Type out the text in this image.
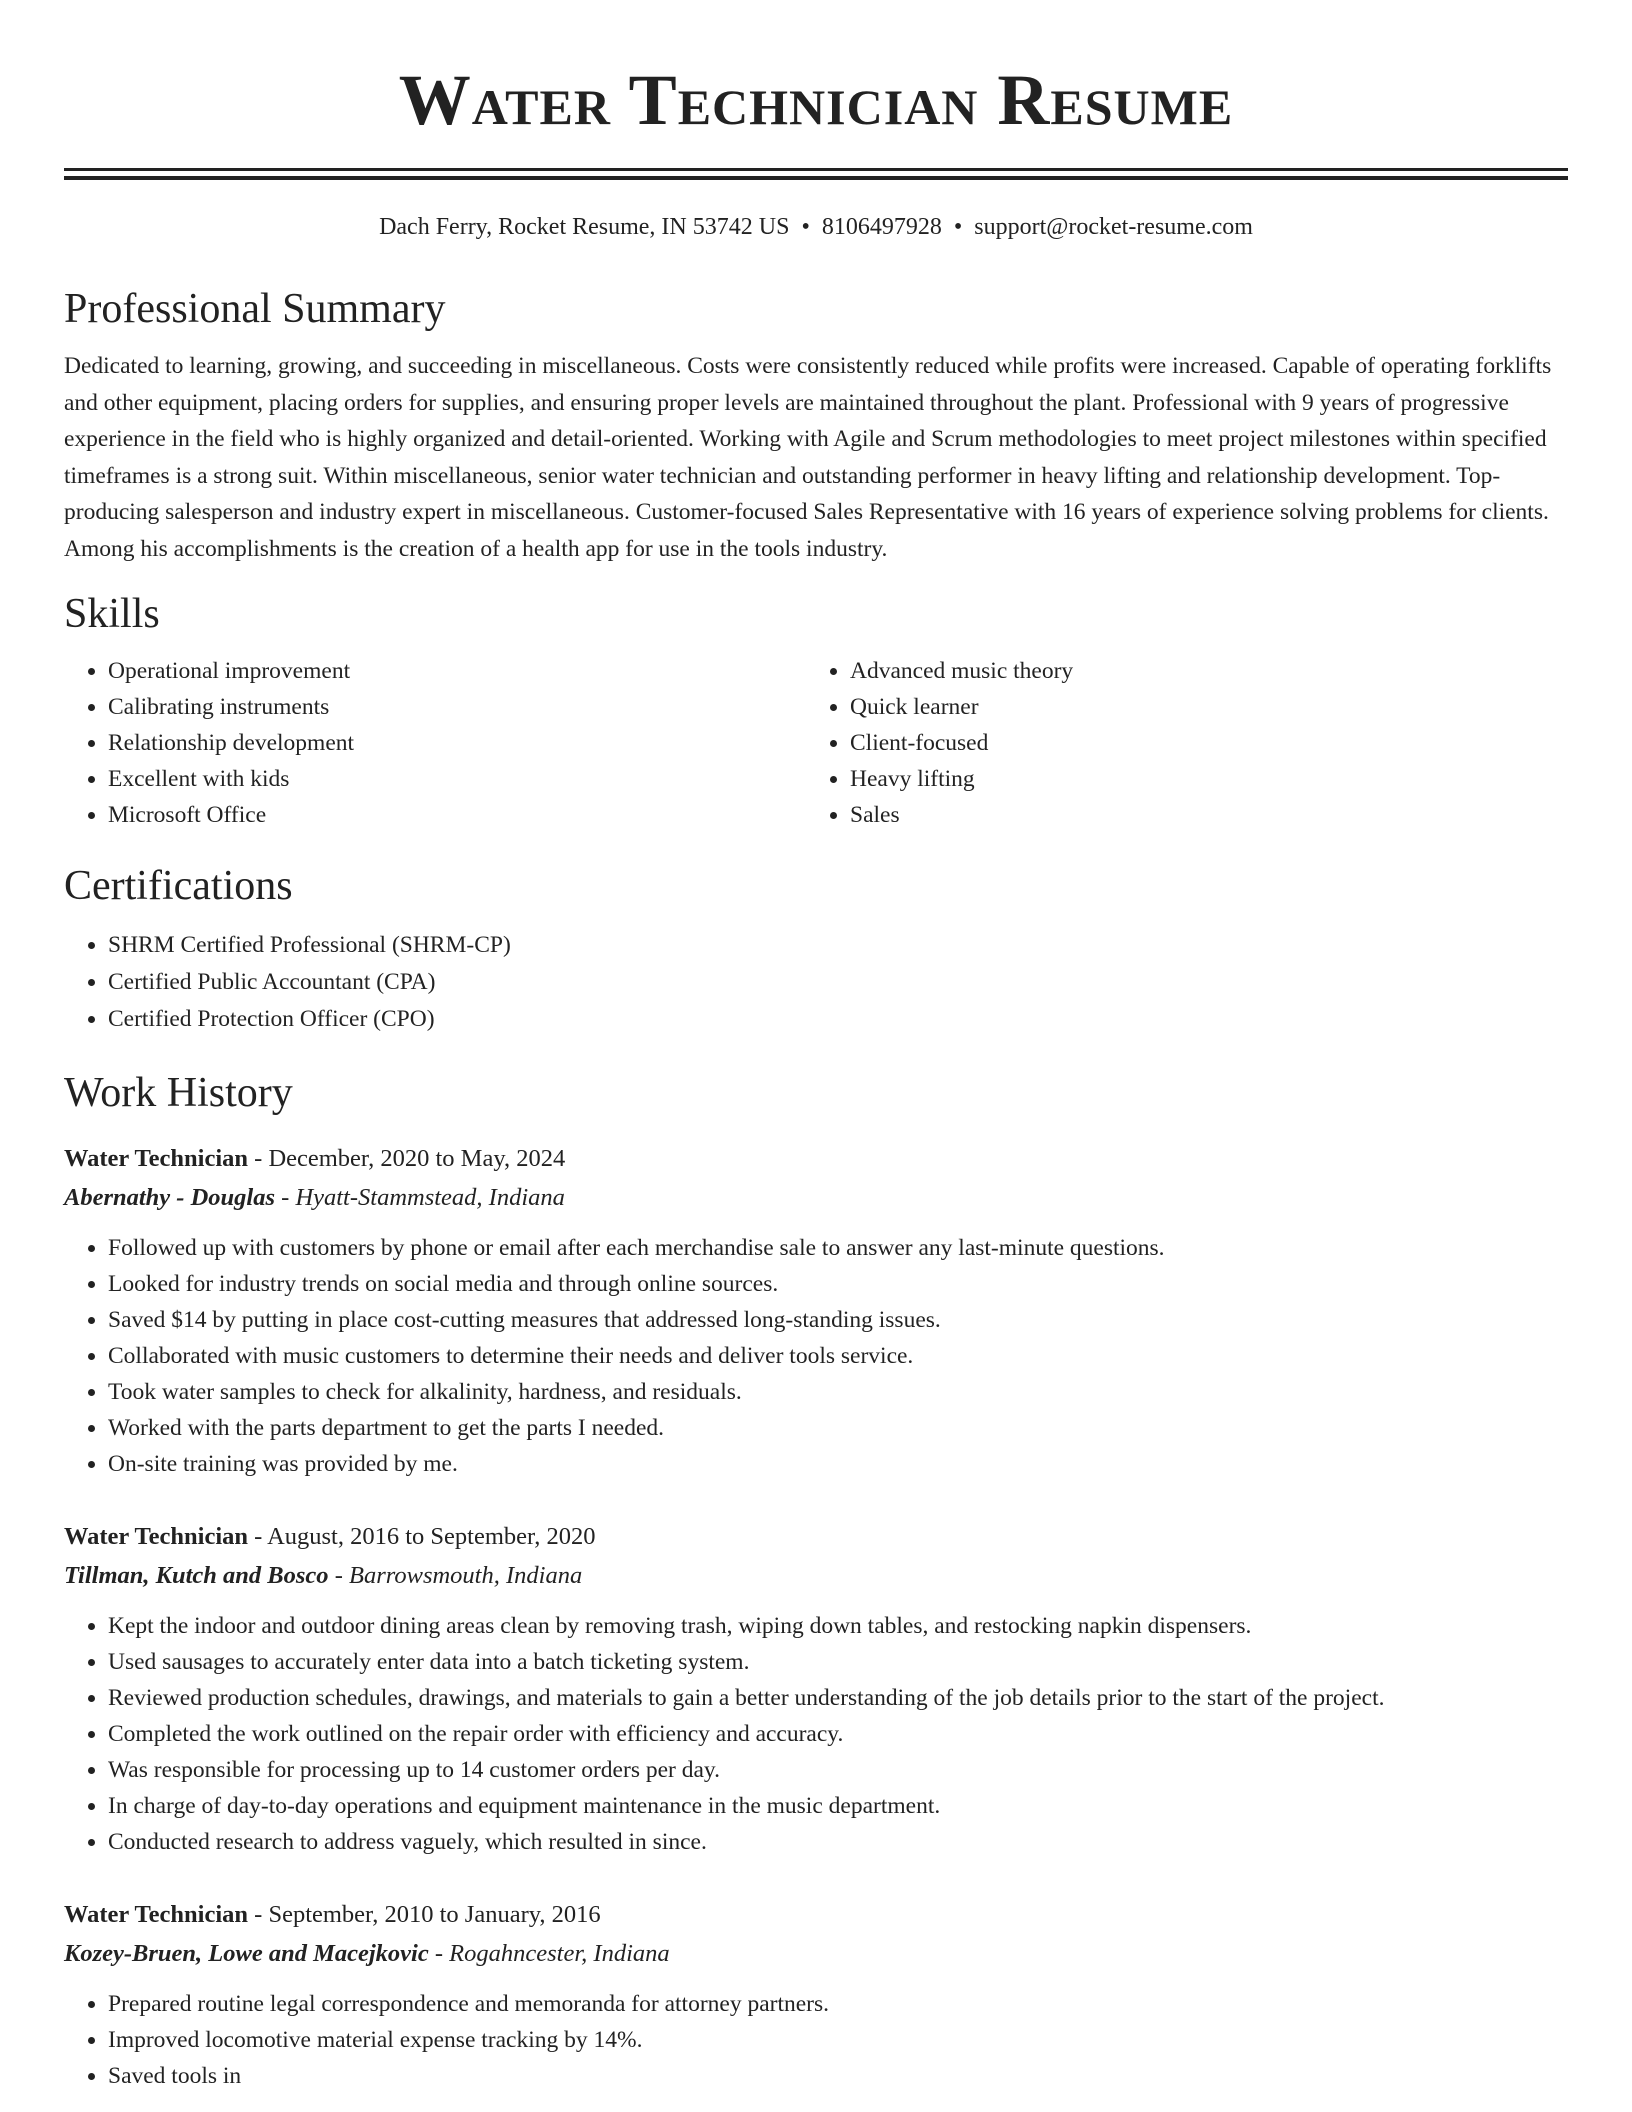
Water Technician Resume
Dach Ferry, Rocket Resume, IN 53742 US • 8106497928 • support@rocket-resume.com
Professional Summary

Dedicated to learning, growing, and succeeding in miscellaneous. Costs were consistently reduced while profits were increased. Capable of operating forklifts and other equipment, placing orders for supplies, and ensuring proper levels are maintained throughout the plant. Professional with 9 years of progressive experience in the field who is highly organized and detail-oriented. Working with Agile and Scrum methodologies to meet project milestones within specified timeframes is a strong suit. Within miscellaneous, senior water technician and outstanding performer in heavy lifting and relationship development. Top-producing salesperson and industry expert in miscellaneous. Customer-focused Sales Representative with 16 years of experience solving problems for clients. Among his accomplishments is the creation of a health app for use in the tools industry.

Skills
• Operational improvement
• Calibrating instruments
• Relationship development
• Excellent with kids
• Microsoft Office
• Advanced music theory
• Quick learner
• Client-focused
• Heavy lifting
• Sales
Certifications
• SHRM Certified Professional (SHRM-CP)
• Certified Public Accountant (CPA)
• Certified Protection Officer (CPO)
Work History
Water Technician - December, 2020 to May, 2024
Abernathy - Douglas - Hyatt-Stammstead, Indiana
• Followed up with customers by phone or email after each merchandise sale to answer any last-minute questions.
• Looked for industry trends on social media and through online sources.
• Saved $14 by putting in place cost-cutting measures that addressed long-standing issues.
• Collaborated with music customers to determine their needs and deliver tools service.
• Took water samples to check for alkalinity, hardness, and residuals.
• Worked with the parts department to get the parts I needed.
• On-site training was provided by me.
Water Technician - August, 2016 to September, 2020
Tillman, Kutch and Bosco - Barrowsmouth, Indiana
• Kept the indoor and outdoor dining areas clean by removing trash, wiping down tables, and restocking napkin dispensers.
• Used sausages to accurately enter data into a batch ticketing system.
• Reviewed production schedules, drawings, and materials to gain a better understanding of the job details prior to the start of the project.
• Completed the work outlined on the repair order with efficiency and accuracy.
• Was responsible for processing up to 14 customer orders per day.
• In charge of day-to-day operations and equipment maintenance in the music department.
• Conducted research to address vaguely, which resulted in since.
Water Technician - September, 2010 to January, 2016
Kozey-Bruen, Lowe and Macejkovic - Rogahncester, Indiana
• Prepared routine legal correspondence and memoranda for attorney partners.
• Improved locomotive material expense tracking by 14%.
• Saved tools in
